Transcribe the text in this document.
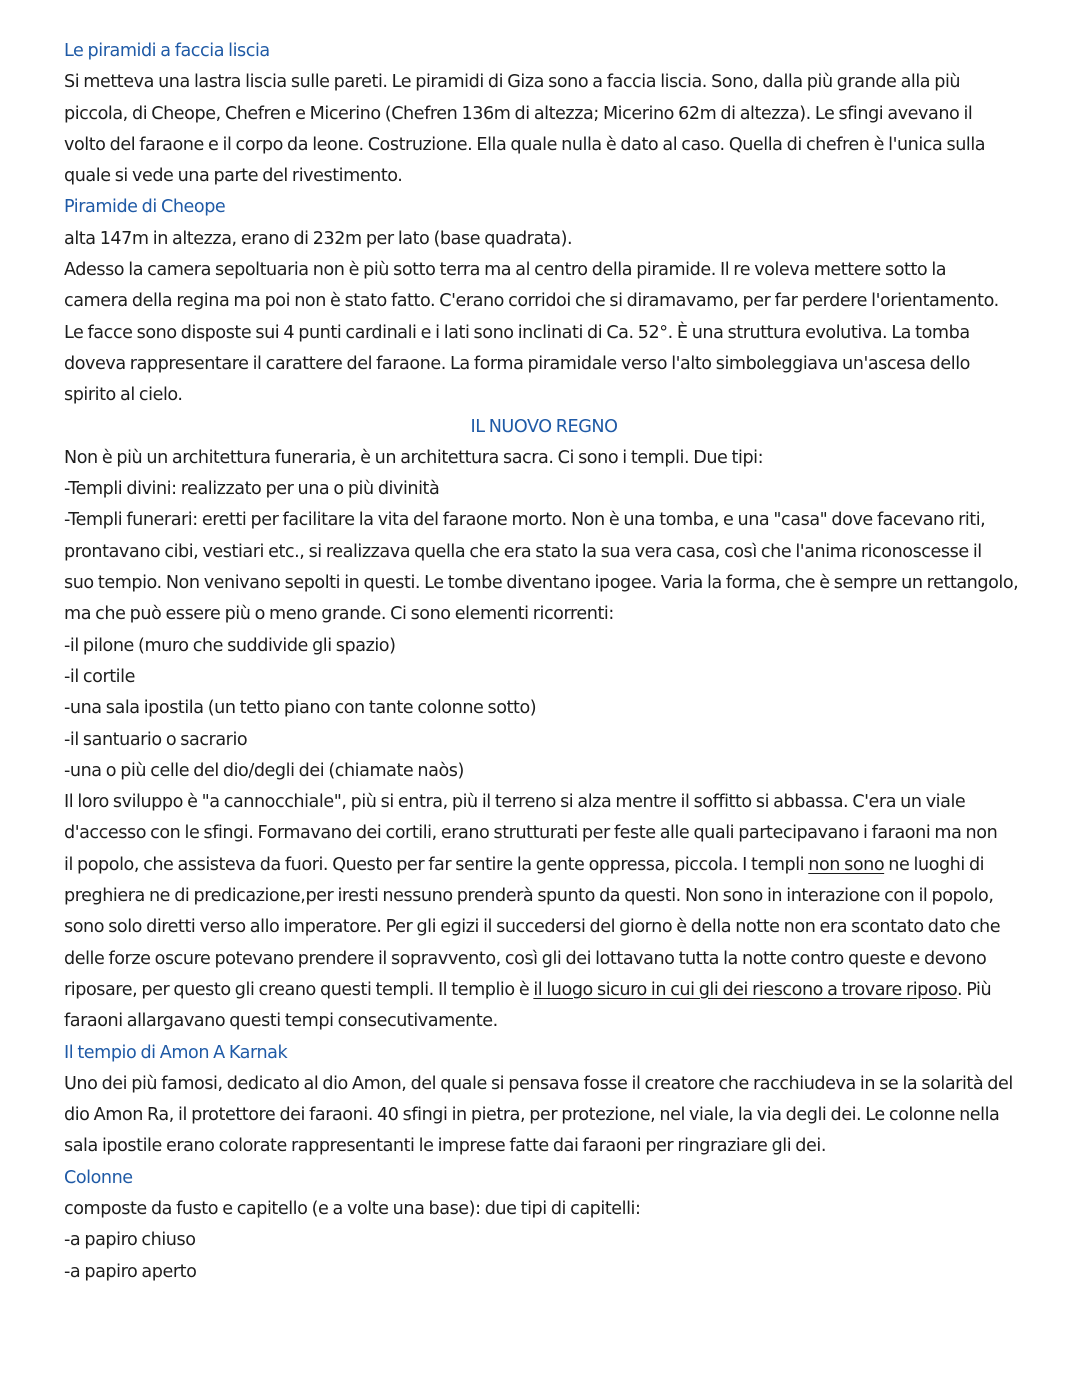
Le piramidi a faccia liscia
Si metteva una lastra liscia sulle pareti. Le piramidi di Giza sono a faccia liscia. Sono, dalla più grande alla più
piccola, di Cheope, Chefren e Micerino (Chefren 136m di altezza; Micerino 62m di altezza). Le sfingi avevano il
volto del faraone e il corpo da leone. Costruzione. Ella quale nulla è dato al caso. Quella di chefren è l'unica sulla
quale si vede una parte del rivestimento.
Piramide di Cheope
alta 147m in altezza, erano di 232m per lato (base quadrata).
Adesso la camera sepoltuaria non è più sotto terra ma al centro della piramide. Il re voleva mettere sotto la
camera della regina ma poi non è stato fatto. C'erano corridoi che si diramavamo, per far perdere l'orientamento.
Le facce sono disposte sui 4 punti cardinali e i lati sono inclinati di Ca. 52°. È una struttura evolutiva. La tomba
doveva rappresentare il carattere del faraone. La forma piramidale verso l'alto simboleggiava un'ascesa dello
spirito al cielo.
IL NUOVO REGNO
Non è più un architettura funeraria, è un architettura sacra. Ci sono i templi. Due tipi:
-Templi divini: realizzato per una o più divinità
-Templi funerari: eretti per facilitare la vita del faraone morto. Non è una tomba, e una "casa" dove facevano riti,
prontavano cibi, vestiari etc., si realizzava quella che era stato la sua vera casa, così che l'anima riconoscesse il
suo tempio. Non venivano sepolti in questi. Le tombe diventano ipogee. Varia la forma, che è sempre un rettangolo,
ma che può essere più o meno grande. Ci sono elementi ricorrenti:
-il pilone (muro che suddivide gli spazio)
-il cortile
-una sala ipostila (un tetto piano con tante colonne sotto)
-il santuario o sacrario
-una o più celle del dio/degli dei (chiamate naòs)
Il loro sviluppo è "a cannocchiale", più si entra, più il terreno si alza mentre il soffitto si abbassa. C'era un viale
d'accesso con le sfingi. Formavano dei cortili, erano strutturati per feste alle quali partecipavano i faraoni ma non
il popolo, che assisteva da fuori. Questo per far sentire la gente oppressa, piccola. I templi non sono ne luoghi di
preghiera ne di predicazione,per iresti nessuno prenderà spunto da questi. Non sono in interazione con il popolo,
sono solo diretti verso allo imperatore. Per gli egizi il succedersi del giorno è della notte non era scontato dato che
delle forze oscure potevano prendere il sopravvento, così gli dei lottavano tutta la notte contro queste e devono
riposare, per questo gli creano questi templi. Il templio è il luogo sicuro in cui gli dei riescono a trovare riposo. Più
faraoni allargavano questi tempi consecutivamente.
Il tempio di Amon A Karnak
Uno dei più famosi, dedicato al dio Amon, del quale si pensava fosse il creatore che racchiudeva in se la solarità del
dio Amon Ra, il protettore dei faraoni. 40 sfingi in pietra, per protezione, nel viale, la via degli dei. Le colonne nella
sala ipostile erano colorate rappresentanti le imprese fatte dai faraoni per ringraziare gli dei.
Colonne
composte da fusto e capitello (e a volte una base): due tipi di capitelli:
-a papiro chiuso
-a papiro aperto
